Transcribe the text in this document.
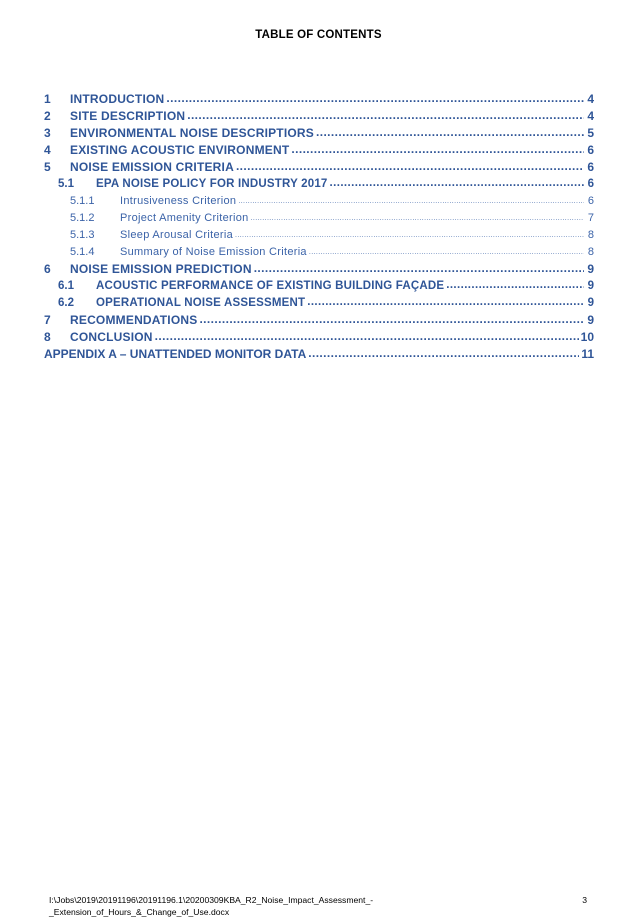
TABLE OF CONTENTS
1	INTRODUCTION .....	4
2	SITE DESCRIPTION .....	4
3	ENVIRONMENTAL NOISE DESCRIPTIORS .....	5
4	EXISTING ACOUSTIC ENVIRONMENT .....	6
5	NOISE EMISSION CRITERIA .....	6
5.1	EPA NOISE POLICY FOR INDUSTRY 2017 .....	6
5.1.1	Intrusiveness Criterion .....	6
5.1.2	Project Amenity Criterion .....	7
5.1.3	Sleep Arousal Criteria .....	8
5.1.4	Summary of Noise Emission Criteria .....	8
6	NOISE EMISSION PREDICTION .....	9
6.1	ACOUSTIC PERFORMANCE OF EXISTING BUILDING FAÇADE .....	9
6.2	OPERATIONAL NOISE ASSESSMENT .....	9
7	RECOMMENDATIONS .....	9
8	CONCLUSION .....	10
APPENDIX A – UNATTENDED MONITOR DATA .....	11
I:\Jobs\2019\20191196\20191196.1\20200309KBA_R2_Noise_Impact_Assessment_-
_Extension_of_Hours_&_Change_of_Use.docx
3
